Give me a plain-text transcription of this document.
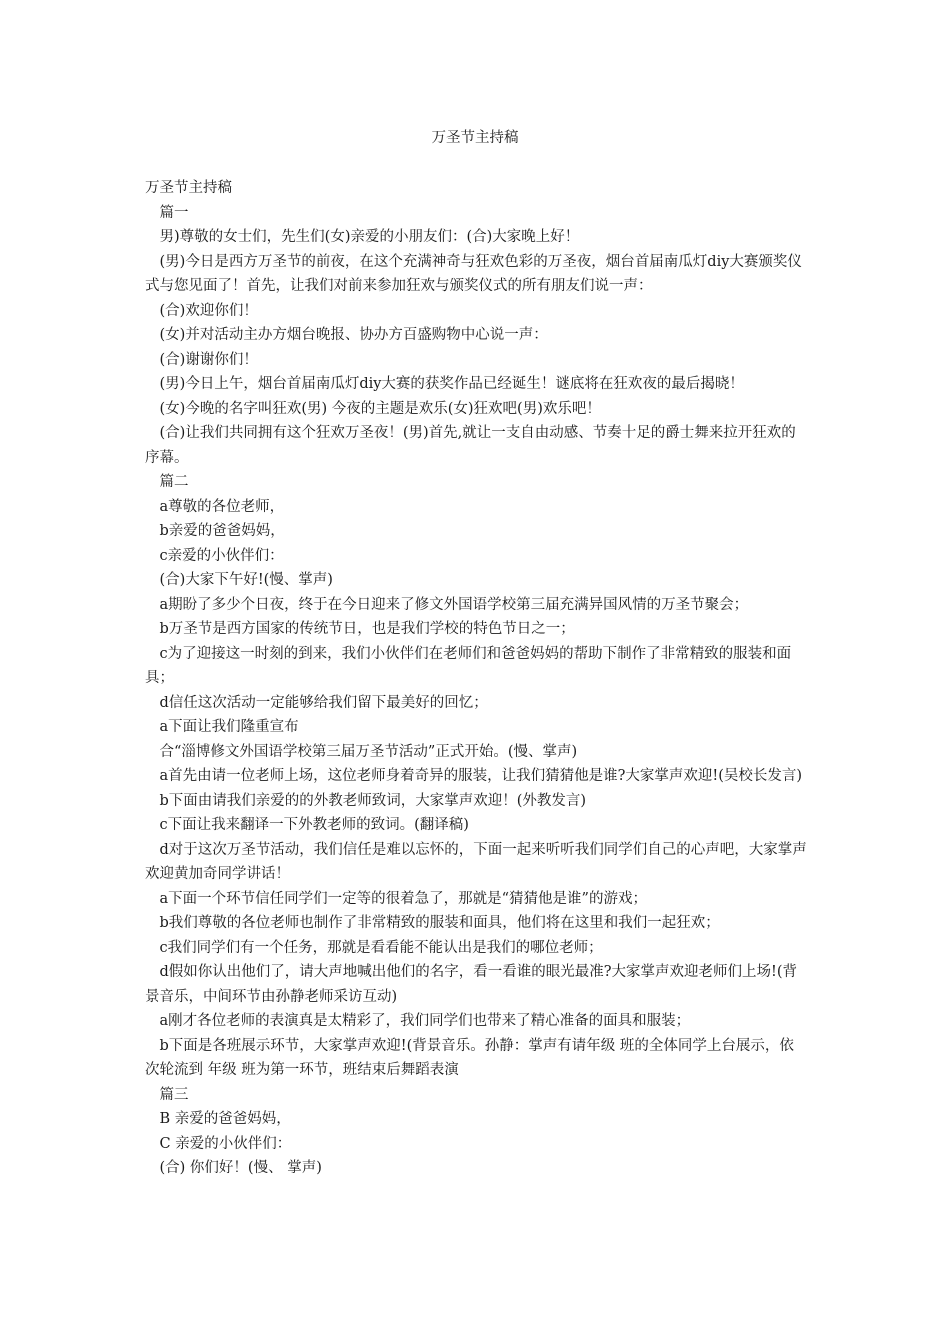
万圣节主持稿

万圣节主持稿

篇一

男)尊敬的女士们，先生们(女)亲爱的小朋友们：(合)大家晚上好！

(男)今日是西方万圣节的前夜，在这个充满神奇与狂欢色彩的万圣夜，烟台首届南瓜灯diy大赛颁奖仪式与您见面了！首先，让我们对前来参加狂欢与颁奖仪式的所有朋友们说一声：

(合)欢迎你们！

(女)并对活动主办方烟台晚报、协办方百盛购物中心说一声：

(合)谢谢你们！

(男)今日上午，烟台首届南瓜灯diy大赛的获奖作品已经诞生！谜底将在狂欢夜的最后揭晓！

(女)今晚的名字叫狂欢(男) 今夜的主题是欢乐(女)狂欢吧(男)欢乐吧！

(合)让我们共同拥有这个狂欢万圣夜！(男)首先,就让一支自由动感、节奏十足的爵士舞来拉开狂欢的序幕。

篇二

a尊敬的各位老师，

b亲爱的爸爸妈妈，

c亲爱的小伙伴们：

(合)大家下午好!(慢、掌声)

a期盼了多少个日夜，终于在今日迎来了修文外国语学校第三届充满异国风情的万圣节聚会；

b万圣节是西方国家的传统节日，也是我们学校的特色节日之一；

c为了迎接这一时刻的到来，我们小伙伴们在老师们和爸爸妈妈的帮助下制作了非常精致的服装和面具；

d信任这次活动一定能够给我们留下最美好的回忆；

a下面让我们隆重宣布

合“淄博修文外国语学校第三届万圣节活动”正式开始。(慢、掌声)

a首先由请一位老师上场，这位老师身着奇异的服装，让我们猜猜他是谁?大家掌声欢迎!(吴校长发言)

b下面由请我们亲爱的的外教老师致词，大家掌声欢迎！(外教发言)

c下面让我来翻译一下外教老师的致词。(翻译稿)

d对于这次万圣节活动，我们信任是难以忘怀的，下面一起来听听我们同学们自己的心声吧，大家掌声欢迎黄加奇同学讲话！

a下面一个环节信任同学们一定等的很着急了，那就是“猜猜他是谁”的游戏；

b我们尊敬的各位老师也制作了非常精致的服装和面具，他们将在这里和我们一起狂欢；

c我们同学们有一个任务，那就是看看能不能认出是我们的哪位老师；

d假如你认出他们了，请大声地喊出他们的名字，看一看谁的眼光最准?大家掌声欢迎老师们上场!(背景音乐，中间环节由孙静老师采访互动)

a刚才各位老师的表演真是太精彩了，我们同学们也带来了精心准备的面具和服装；

b下面是各班展示环节，大家掌声欢迎!(背景音乐。孙静：掌声有请年级 班的全体同学上台展示，依次轮流到 年级 班为第一环节，班结束后舞蹈表演

篇三

B 亲爱的爸爸妈妈，

C 亲爱的小伙伴们：

(合) 你们好！(慢、 掌声)
